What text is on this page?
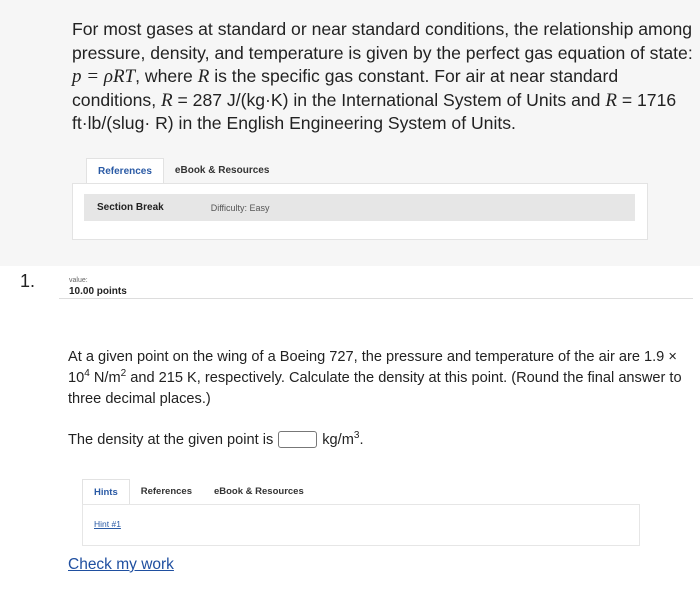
For most gases at standard or near standard conditions, the relationship among pressure, density, and temperature is given by the perfect gas equation of state: p = ρRT, where R is the specific gas constant. For air at near standard conditions, R = 287 J/(kg·K) in the International System of Units and R = 1716 ft·lb/(slug· R) in the English Engineering System of Units.
References	eBook & Resources
Section Break	Difficulty: Easy
1.	value:
10.00 points
At a given point on the wing of a Boeing 727, the pressure and temperature of the air are $1.9 \times 10^4$ $N/m^2$ and 215 K, respectively. Calculate the density at this point. (Round the final answer to three decimal places.)
The density at the given point is	$kg/m^3$.
Hints	References	eBook & Resources
Hint #1
Check my work
